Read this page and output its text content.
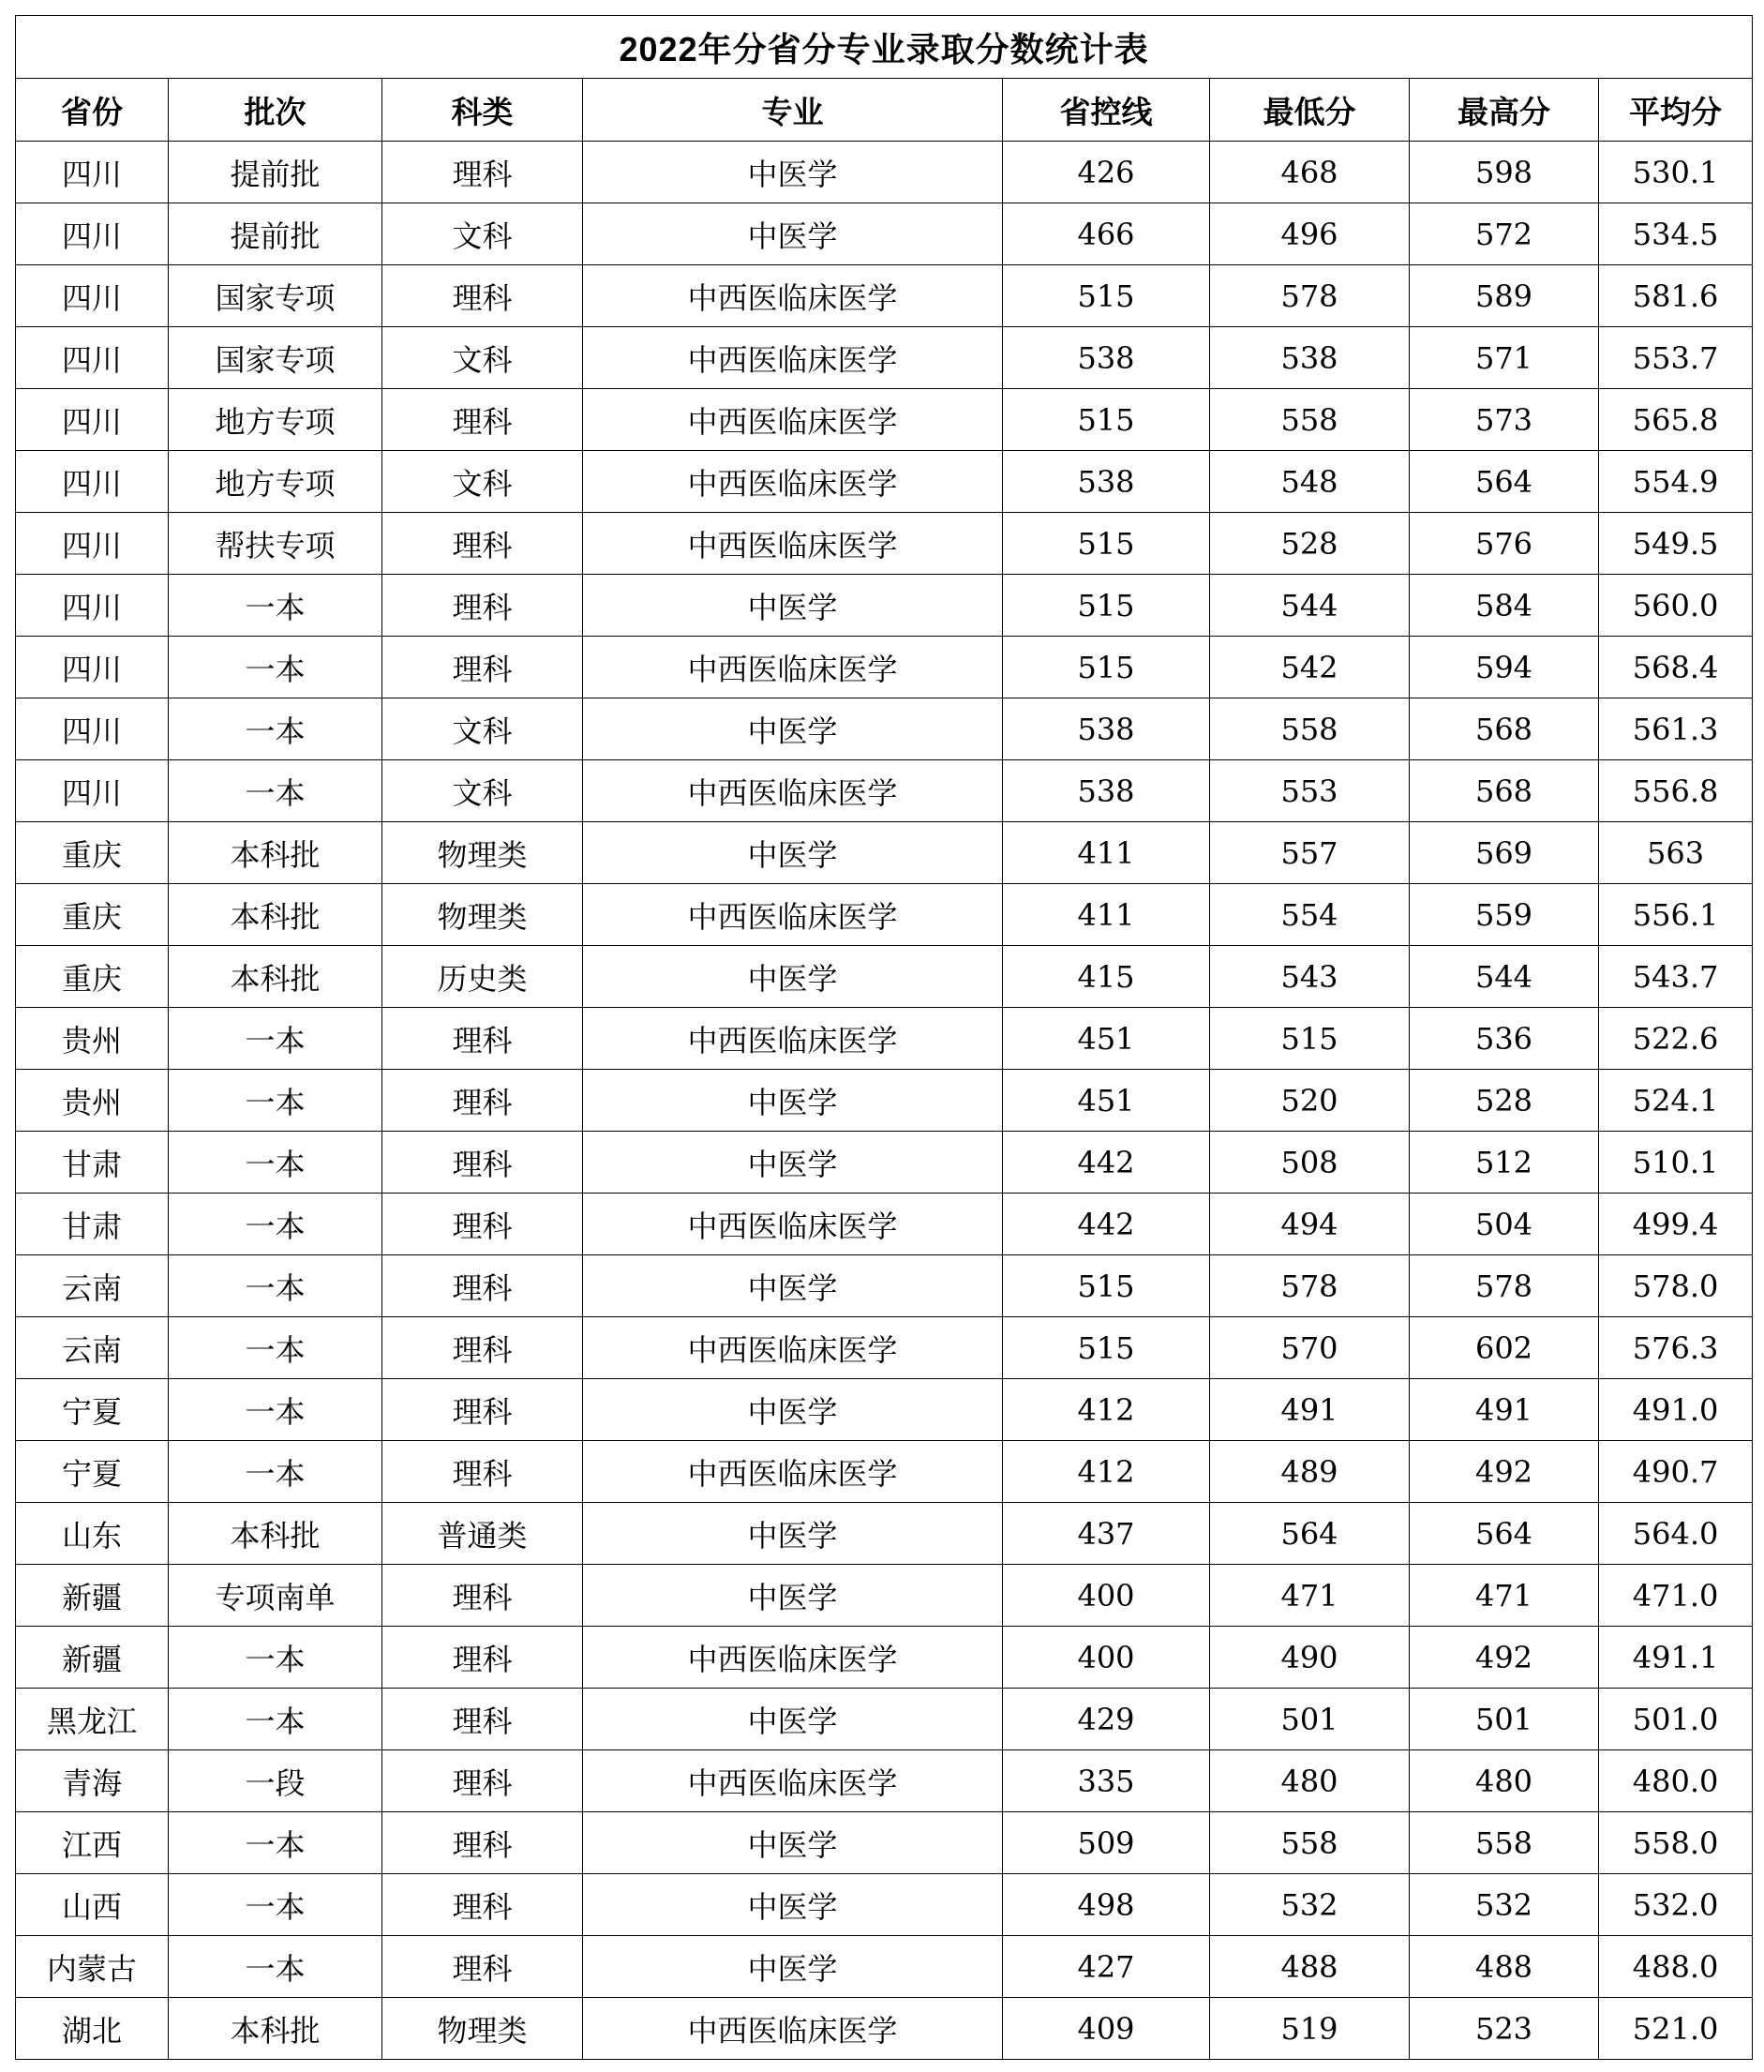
2022年分省分专业录取分数统计表							
省份	批次	科类	专业	省控线	最低分	最高分	平均分
四川	提前批	理科	中医学	426	468	598	530.1
四川	提前批	文科	中医学	466	496	572	534.5
四川	国家专项	理科	中西医临床医学	515	578	589	581.6
四川	国家专项	文科	中西医临床医学	538	538	571	553.7
四川	地方专项	理科	中西医临床医学	515	558	573	565.8
四川	地方专项	文科	中西医临床医学	538	548	564	554.9
四川	帮扶专项	理科	中西医临床医学	515	528	576	549.5
四川	一本	理科	中医学	515	544	584	560.0
四川	一本	理科	中西医临床医学	515	542	594	568.4
四川	一本	文科	中医学	538	558	568	561.3
四川	一本	文科	中西医临床医学	538	553	568	556.8
重庆	本科批	物理类	中医学	411	557	569	563
重庆	本科批	物理类	中西医临床医学	411	554	559	556.1
重庆	本科批	历史类	中医学	415	543	544	543.7
贵州	一本	理科	中西医临床医学	451	515	536	522.6
贵州	一本	理科	中医学	451	520	528	524.1
甘肃	一本	理科	中医学	442	508	512	510.1
甘肃	一本	理科	中西医临床医学	442	494	504	499.4
云南	一本	理科	中医学	515	578	578	578.0
云南	一本	理科	中西医临床医学	515	570	602	576.3
宁夏	一本	理科	中医学	412	491	491	491.0
宁夏	一本	理科	中西医临床医学	412	489	492	490.7
山东	本科批	普通类	中医学	437	564	564	564.0
新疆	专项南单	理科	中医学	400	471	471	471.0
新疆	一本	理科	中西医临床医学	400	490	492	491.1
黑龙江	一本	理科	中医学	429	501	501	501.0
青海	一段	理科	中西医临床医学	335	480	480	480.0
江西	一本	理科	中医学	509	558	558	558.0
山西	一本	理科	中医学	498	532	532	532.0
内蒙古	一本	理科	中医学	427	488	488	488.0
湖北	本科批	物理类	中西医临床医学	409	519	523	521.0
